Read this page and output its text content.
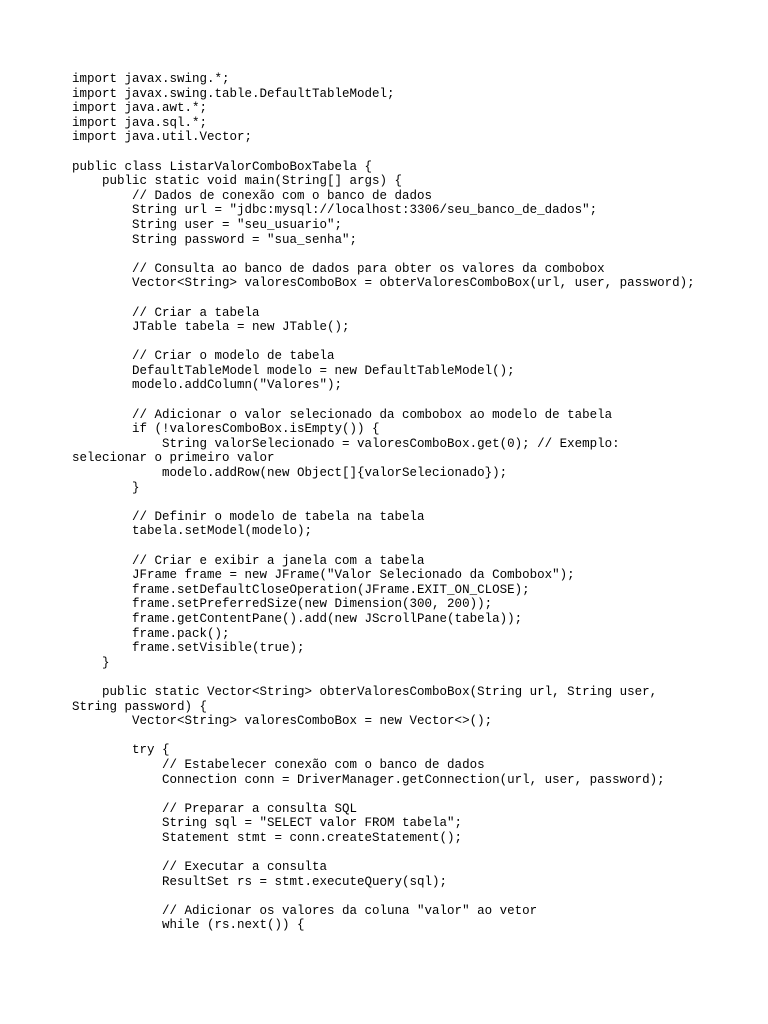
import javax.swing.*;
import javax.swing.table.DefaultTableModel;
import java.awt.*;
import java.sql.*;
import java.util.Vector;
public class ListarValorComboBoxTabela {
public static void main(String[] args) {
// Dados de conexão com o banco de dados
String url = "jdbc:mysql://localhost:3306/seu_banco_de_dados";
String user = "seu_usuario";
String password = "sua_senha";
// Consulta ao banco de dados para obter os valores da combobox
Vector<String> valoresComboBox = obterValoresComboBox(url, user, password);
// Criar a tabela
JTable tabela = new JTable();
// Criar o modelo de tabela
DefaultTableModel modelo = new DefaultTableModel();
modelo.addColumn("Valores");
// Adicionar o valor selecionado da combobox ao modelo de tabela
if (!valoresComboBox.isEmpty()) {
String valorSelecionado = valoresComboBox.get(0); // Exemplo:
selecionar o primeiro valor
modelo.addRow(new Object[]{valorSelecionado});
}
// Definir o modelo de tabela na tabela
tabela.setModel(modelo);
// Criar e exibir a janela com a tabela
JFrame frame = new JFrame("Valor Selecionado da Combobox");
frame.setDefaultCloseOperation(JFrame.EXIT_ON_CLOSE);
frame.setPreferredSize(new Dimension(300, 200));
frame.getContentPane().add(new JScrollPane(tabela));
frame.pack();
frame.setVisible(true);
}
public static Vector<String> obterValoresComboBox(String url, String user,
String password) {
Vector<String> valoresComboBox = new Vector<>();
try {
// Estabelecer conexão com o banco de dados
Connection conn = DriverManager.getConnection(url, user, password);
// Preparar a consulta SQL
String sql = "SELECT valor FROM tabela";
Statement stmt = conn.createStatement();
// Executar a consulta
ResultSet rs = stmt.executeQuery(sql);
// Adicionar os valores da coluna "valor" ao vetor
while (rs.next()) {
